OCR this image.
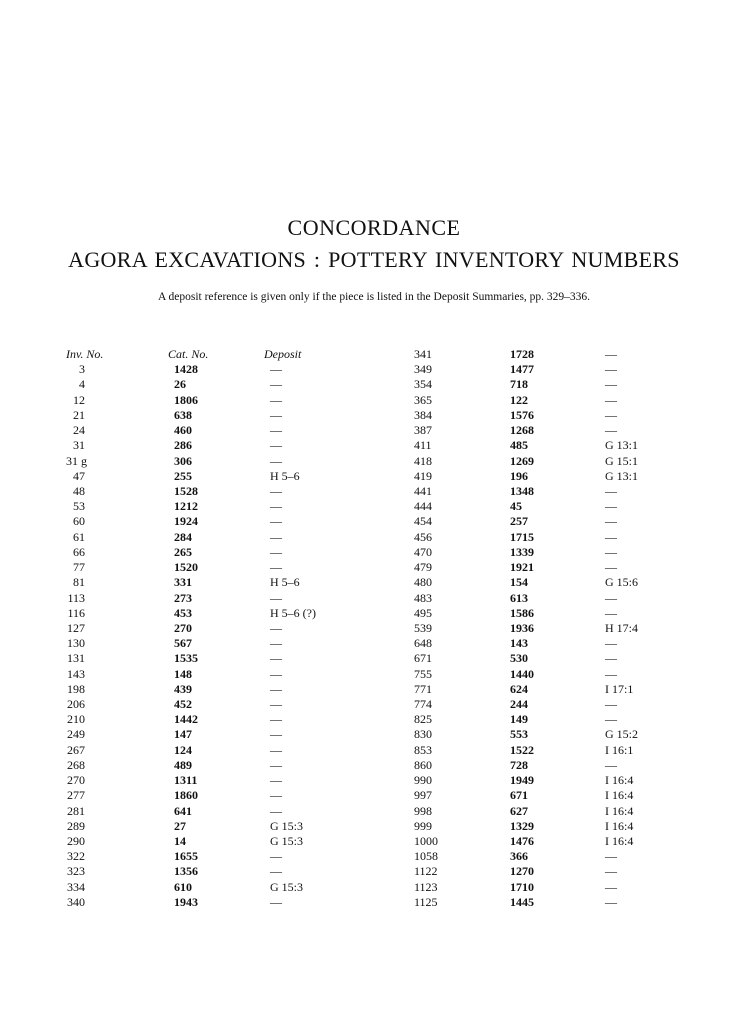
CONCORDANCE
AGORA EXCAVATIONS : POTTERY INVENTORY NUMBERS
A deposit reference is given only if the piece is listed in the Deposit Summaries, pp. 329–336.
Inv. No.	Cat. No.	Deposit
3	1428	—
4	26	—
12	1806	—
21	638	—
24	460	—
31	286	—
31 g	306	—
47	255	H 5–6
48	1528	—
53	1212	—
60	1924	—
61	284	—
66	265	—
77	1520	—
81	331	H 5–6
113	273	—
116	453	H 5–6 (?)
127	270	—
130	567	—
131	1535	—
143	148	—
198	439	—
206	452	—
210	1442	—
249	147	—
267	124	—
268	489	—
270	1311	—
277	1860	—
281	641	—
289	27	G 15:3
290	14	G 15:3
322	1655	—
323	1356	—
334	610	G 15:3
340	1943	—
341	1728	—
349	1477	—
354	718	—
365	122	—
384	1576	—
387	1268	—
411	485	G 13:1
418	1269	G 15:1
419	196	G 13:1
441	1348	—
444	45	—
454	257	—
456	1715	—
470	1339	—
479	1921	—
480	154	G 15:6
483	613	—
495	1586	—
539	1936	H 17:4
648	143	—
671	530	—
755	1440	—
771	624	I 17:1
774	244	—
825	149	—
830	553	G 15:2
853	1522	I 16:1
860	728	—
990	1949	I 16:4
997	671	I 16:4
998	627	I 16:4
999	1329	I 16:4
1000	1476	I 16:4
1058	366	—
1122	1270	—
1123	1710	—
1125	1445	—
